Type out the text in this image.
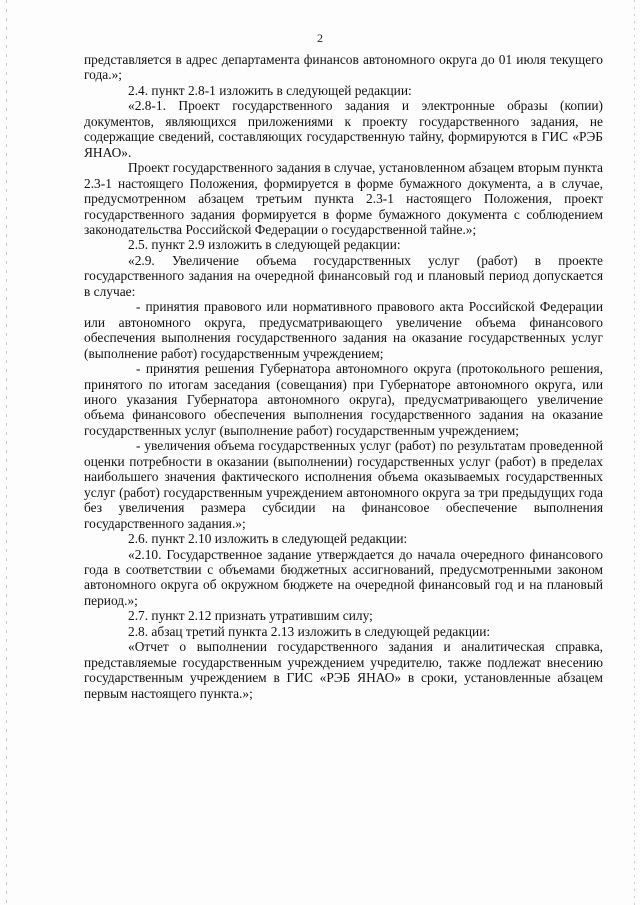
2

представляется в адрес департамента финансов автономного округа до 01 июля текущего года.»;

2.4. пункт 2.8-1 изложить в следующей редакции:

«2.8-1. Проект государственного задания и электронные образы (копии) документов, являющихся приложениями к проекту государственного задания, не содержащие сведений, составляющих государственную тайну, формируются в ГИС «РЭБ ЯНАО».

Проект государственного задания в случае, установленном абзацем вторым пункта 2.3-1 настоящего Положения, формируется в форме бумажного документа, а в случае, предусмотренном абзацем третьим пункта 2.3-1 настоящего Положения, проект государственного задания формируется в форме бумажного документа с соблюдением законодательства Российской Федерации о государственной тайне.»;

2.5. пункт 2.9 изложить в следующей редакции:

«2.9. Увеличение объема государственных услуг (работ) в проекте государственного задания на очередной финансовый год и плановый период допускается в случае:

- принятия правового или нормативного правового акта Российской Федерации или автономного округа, предусматривающего увеличение объема финансового обеспечения выполнения государственного задания на оказание государственных услуг (выполнение работ) государственным учреждением;

- принятия решения Губернатора автономного округа (протокольного решения, принятого по итогам заседания (совещания) при Губернаторе автономного округа, или иного указания Губернатора автономного округа), предусматривающего увеличение объема финансового обеспечения выполнения государственного задания на оказание государственных услуг (выполнение работ) государственным учреждением;

- увеличения объема государственных услуг (работ) по результатам проведенной оценки потребности в оказании (выполнении) государственных услуг (работ) в пределах наибольшего значения фактического исполнения объема оказываемых государственных услуг (работ) государственным учреждением автономного округа за три предыдущих года без увеличения размера субсидии на финансовое обеспечение выполнения государственного задания.»;

2.6. пункт 2.10 изложить в следующей редакции:

«2.10. Государственное задание утверждается до начала очередного финансового года в соответствии с объемами бюджетных ассигнований, предусмотренными законом автономного округа об окружном бюджете на очередной финансовый год и на плановый период.»;

2.7. пункт 2.12 признать утратившим силу;

2.8. абзац третий пункта 2.13 изложить в следующей редакции:

«Отчет о выполнении государственного задания и аналитическая справка, представляемые государственным учреждением учредителю, также подлежат внесению государственным учреждением в ГИС «РЭБ ЯНАО» в сроки, установленные абзацем первым настоящего пункта.»;
